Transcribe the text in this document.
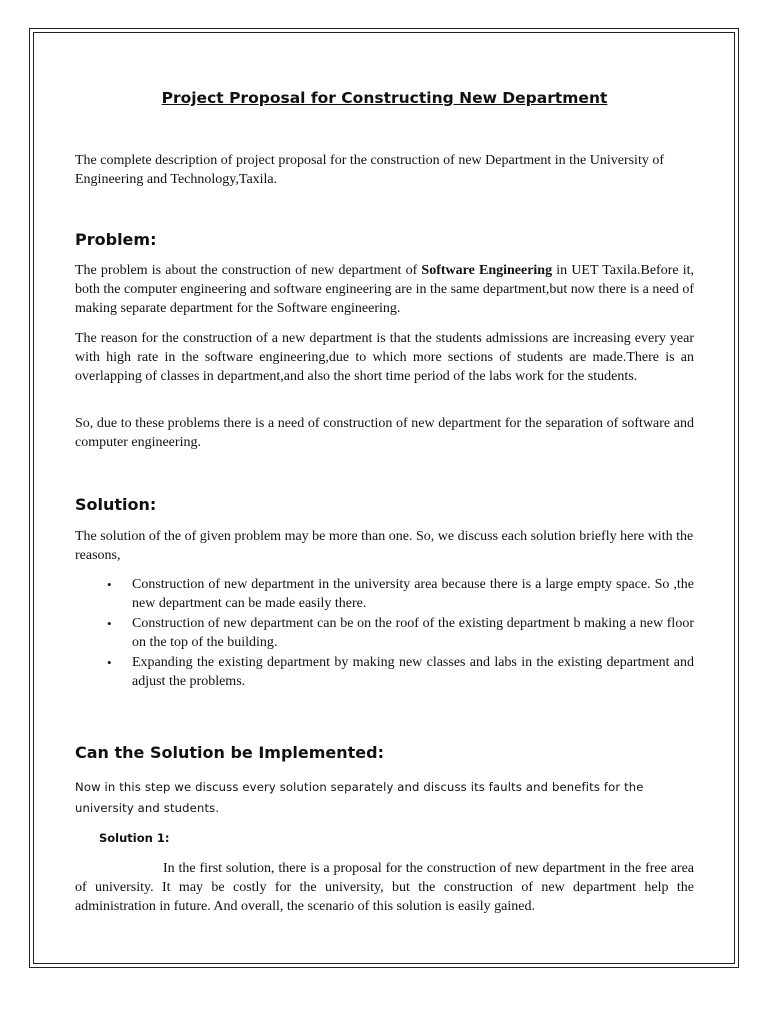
Project Proposal for Constructing New Department

The complete description of project proposal for the construction of new Department in the University of Engineering and Technology,Taxila.

Problem:

The problem is about the construction of new department of Software Engineering in UET Taxila.Before it, both the computer engineering and software engineering are in the same department,but now there is a need of making separate department for the Software engineering.

The reason for the construction of a new department is that the students admissions are increasing every year with high rate in the software engineering,due to which more sections of students are made.There is an overlapping of classes in department,and also the short time period of the labs work for the students.

So, due to these problems there is a need of construction of new department for the separation of software and computer engineering.

Solution:

The solution of the of given problem may be more than one. So, we discuss each solution briefly here with the reasons,

• Construction of new department in the university area because there is a large empty space. So ,the new department can be made easily there.
• Construction of new department can be on the roof of the existing department b making a new floor on the top of the building.
• Expanding the existing department by making new classes and labs in the existing department and adjust the problems.
Can the Solution be Implemented:

Now in this step we discuss every solution separately and discuss its faults and benefits for the university and students.

Solution 1:

In the first solution, there is a proposal for the construction of new department in the free area of university. It may be costly for the university, but the construction of new department help the administration in future. And overall, the scenario of this solution is easily gained.
